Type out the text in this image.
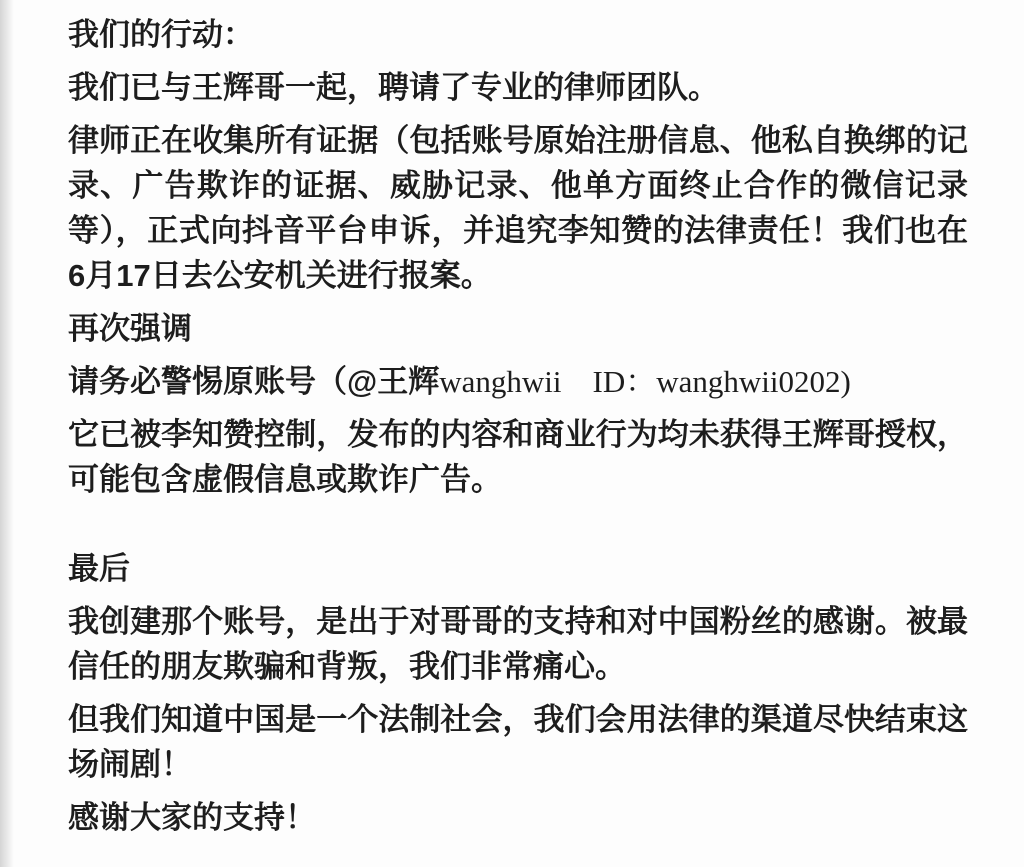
我们的行动：

我们已与王辉哥一起，聘请了专业的律师团队。

律师正在收集所有证据（包括账号原始注册信息、他私自换绑的记录、广告欺诈的证据、威胁记录、他单方面终止合作的微信记录等），正式向抖音平台申诉，并追究李知赞的法律责任！我们也在6月17日去公安机关进行报案。

再次强调

请务必警惕原账号（@王辉wanghwii　ID：wanghwii0202)

它已被李知赞控制，发布的内容和商业行为均未获得王辉哥授权，可能包含虚假信息或欺诈广告。

最后

我创建那个账号，是出于对哥哥的支持和对中国粉丝的感谢。被最信任的朋友欺骗和背叛，我们非常痛心。

但我们知道中国是一个法制社会，我们会用法律的渠道尽快结束这场闹剧！

感谢大家的支持！
